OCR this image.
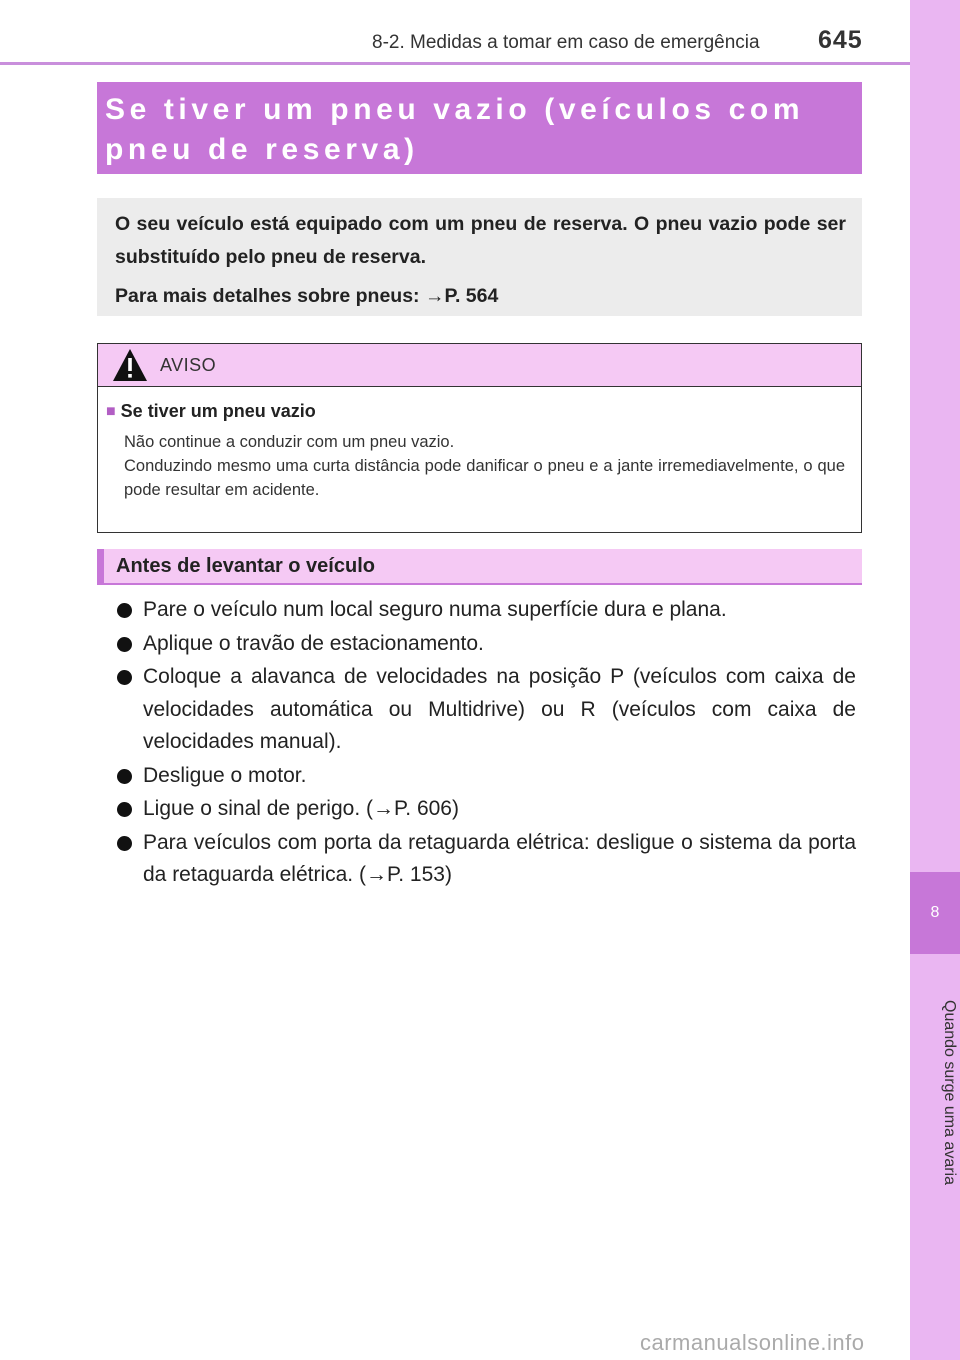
8-2. Medidas a tomar em caso de emergência 645
8
Quando surge uma avaria
Se tiver um pneu vazio (veículos com pneu de reserva)

O seu veículo está equipado com um pneu de reserva. O pneu vazio pode ser substituído pelo pneu de reserva.

Para mais detalhes sobre pneus: →P. 564

AVISO
■ Se tiver um pneu vazio

Não continue a conduzir com um pneu vazio.

Conduzindo mesmo uma curta distância pode danificar o pneu e a jante irremediavelmente, o que pode resultar em acidente.

Antes de levantar o veículo
Pare o veículo num local seguro numa superfície dura e plana.
Aplique o travão de estacionamento.
Coloque a alavanca de velocidades na posição P (veículos com caixa de velocidades automática ou Multidrive) ou R (veículos com caixa de velocidades manual).
Desligue o motor.
Ligue o sinal de perigo. (→P. 606)
Para veículos com porta da retaguarda elétrica: desligue o sistema da porta da retaguarda elétrica. (→P. 153)
carmanualsonline.info
